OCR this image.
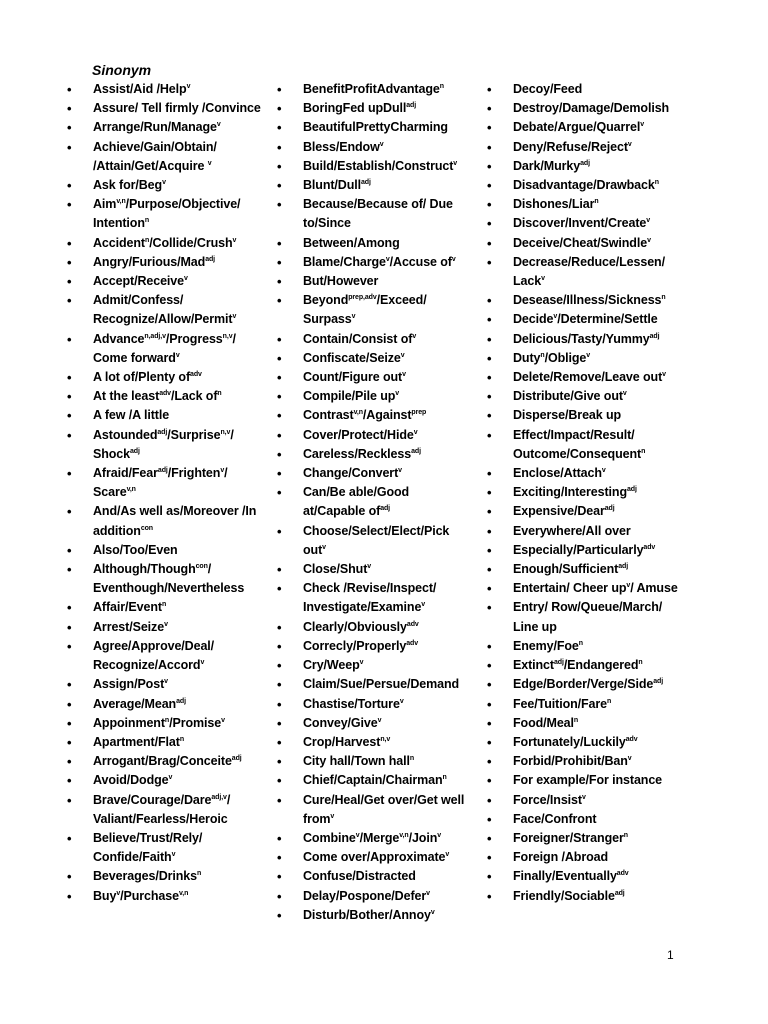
Sinonym
• Assist/Aid /Help$^v$
• Assure/ Tell firmly /Convince
• Arrange/Run/Manage$^v$
• Achieve/Gain/Obtain/ /Attain/Get/Acquire $^v$
• Ask for/Beg$^v$
• Aim$^{v,n}$/Purpose/Objective/ Intention$^n$
• Accident$^n$/Collide/Crush$^v$
• Angry/Furious/Mad$^{adj}$
• Accept/Receive$^v$
• Admit/Confess/ Recognize/Allow/Permit$^v$
• Advance$^{n,adj,v}$/Progress$^{n,v}$/ Come forward$^v$
• A lot of/Plenty $of^{adv}$
• At the least$^{adv}$/Lack $of^n$
• A few /A little
• Astounded$^{adj}$/Surprise$^{n,v}$/ Shock$^{adj}$
• Afraid/Fear$^{adj}$/Frighten$^v$/ Scare$^{v,n}$
• And/As well as/Moreover /In addition$^{con}$
• Also/Too/Even
• Although/Though$^{con}$/ Eventhough/Nevertheless
• Affair/Event$^n$
• Arrest/Seize$^v$
• Agree/Approve/Deal/ Recognize/Accord$^v$
• Assign/Post$^v$
• Average/Mean$^{adj}$
• Appoinment$^n$/Promise$^v$
• Apartment/Flat$^n$
• Arrogant/Brag/Conceite$^{adj}$
• Avoid/Dodge$^v$
• Brave/Courage/Dare$^{adj,v}$/ Valiant/Fearless/Heroic
• Believe/Trust/Rely/ Confide/Faith$^v$
• Beverages/Drinks$^n$
• Buy$^v$/Purchase$^{v,n}$
• BenefitProfitAdvantage$^n$
• BoringFed upDull$^{adj}$
• BeautifulPrettyCharming
• Bless/Endow$^v$
• Build/Establish/Construct$^v$
• Blunt/Dull$^{adj}$
• Because/Because of/ Due to/Since
• Between/Among
• Blame/Charge$^v$/Accuse $of^v$
• But/However
• Beyond$^{prep,adv}$/Exceed/ Surpass$^v$
• Contain/Consist $of^v$
• Confiscate/Seize$^v$
• Count/Figure out$^v$
• Compile/Pile $up^v$
• Contrast$^{v,n}$/Against$^{prep}$
• Cover/Protect/Hide$^v$
• Careless/Reckless$^{adj}$
• Change/Convert$^v$
• Can/Be able/Good at/Capable $of^{adj}$
• Choose/Select/Elect/Pick out$^v$
• Close/Shut$^v$
• Check /Revise/Inspect/ Investigate/Examine$^v$
• Clearly/Obviously$^{adv}$
• Correcly/Properly$^{adv}$
• Cry/Weep$^v$
• Claim/Sue/Persue/Demand
• Chastise/Torture$^v$
• Convey/Give$^v$
• Crop/Harvest$^{n,v}$
• City hall/Town hall$^n$
• Chief/Captain/Chairman$^n$
• Cure/Heal/Get over/Get well from$^v$
• Combine$^v$/Merge$^{v,n}$/Join$^v$
• Come over/Approximate$^v$
• Confuse/Distracted
• Delay/Pospone/Defer$^v$
• Disturb/Bother/Annoy$^v$
• Decoy/Feed
• Destroy/Damage/Demolish
• Debate/Argue/Quarrel$^v$
• Deny/Refuse/Reject$^v$
• Dark/Murky$^{adj}$
• Disadvantage/Drawback$^n$
• Dishones/Liar$^n$
• Discover/Invent/Create$^v$
• Deceive/Cheat/Swindle$^v$
• Decrease/Reduce/Lessen/ Lack$^v$
• Desease/Illness/Sickness$^n$
• Decide$^v$/Determine/Settle
• Delicious/Tasty/Yummy$^{adj}$
• Duty$^n$/Oblige$^v$
• Delete/Remove/Leave out$^v$
• Distribute/Give out$^v$
• Disperse/Break up
• Effect/Impact/Result/ Outcome/Consequent$^n$
• Enclose/Attach$^v$
• Exciting/Interesting$^{adj}$
• Expensive/Dear$^{adj}$
• Everywhere/All over
• Especially/Particularly$^{adv}$
• Enough/Sufficient$^{adj}$
• Entertain/ Cheer $up^v/$ Amuse
• Entry/ Row/Queue/March/ Line up
• Enemy/Foe$^n$
• Extinct$^{adj}$/Endangered$^n$
• Edge/Border/Verge/Side$^{adj}$
• Fee/Tuition/Fare$^n$
• Food/Meal$^n$
• Fortunately/Luckily$^{adv}$
• Forbid/Prohibit/Ban$^v$
• For example/For instance
• Force/Insist$^v$
• Face/Confront
• Foreigner/Stranger$^n$
• Foreign /Abroad
• Finally/Eventually$^{adv}$
• Friendly/Sociable$^{adj}$
1
